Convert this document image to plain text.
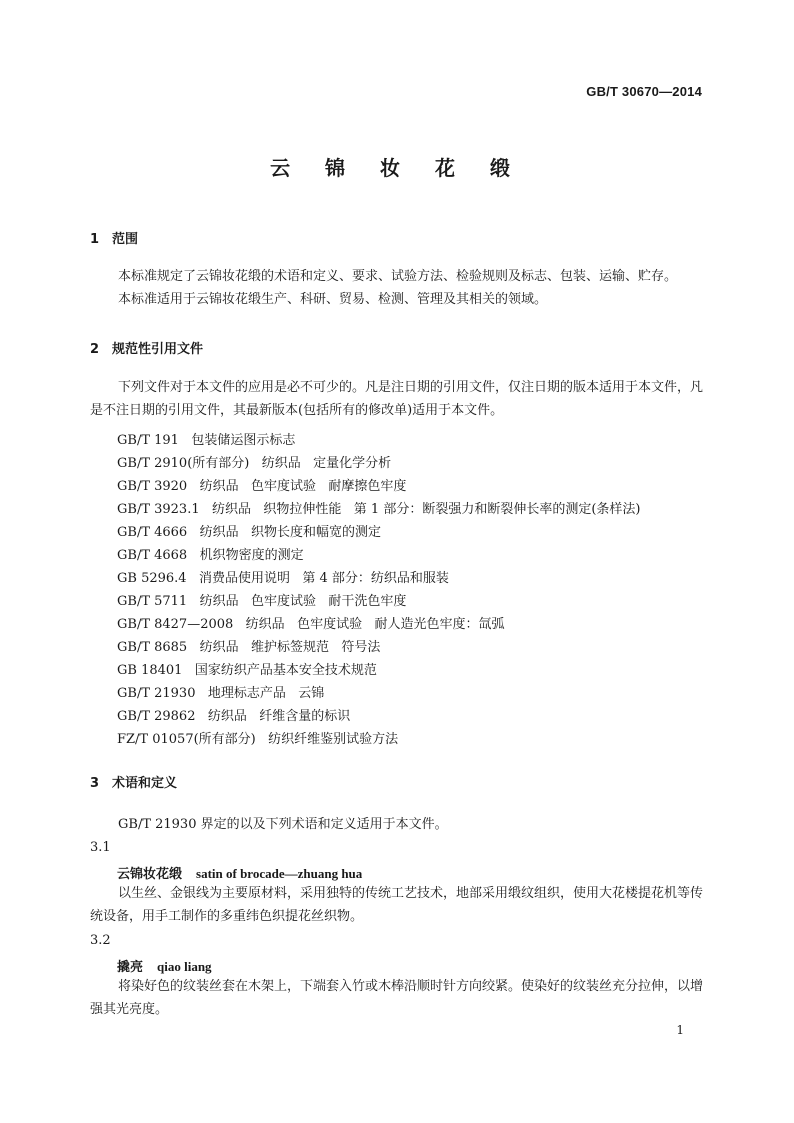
GB/T 30670—2014
云 锦 妆 花 缎
1 范围
本标准规定了云锦妆花缎的术语和定义、要求、试验方法、检验规则及标志、包装、运输、贮存。
本标准适用于云锦妆花缎生产、科研、贸易、检测、管理及其相关的领域。
2 规范性引用文件
下列文件对于本文件的应用是必不可少的。凡是注日期的引用文件，仅注日期的版本适用于本文件，凡是不注日期的引用文件，其最新版本(包括所有的修改单)适用于本文件。
GB/T 191   包装储运图示标志
GB/T 2910(所有部分)   纺织品   定量化学分析
GB/T 3920   纺织品   色牢度试验   耐摩擦色牢度
GB/T 3923.1   纺织品   织物拉伸性能   第 1 部分：断裂强力和断裂伸长率的测定(条样法)
GB/T 4666   纺织品   织物长度和幅宽的测定
GB/T 4668   机织物密度的测定
GB 5296.4   消费品使用说明   第 4 部分：纺织品和服装
GB/T 5711   纺织品   色牢度试验   耐干洗色牢度
GB/T 8427—2008   纺织品   色牢度试验   耐人造光色牢度：氙弧
GB/T 8685   纺织品   维护标签规范   符号法
GB 18401   国家纺织产品基本安全技术规范
GB/T 21930   地理标志产品   云锦
GB/T 29862   纺织品   纤维含量的标识
FZ/T 01057(所有部分)   纺织纤维鉴别试验方法
3 术语和定义
GB/T 21930 界定的以及下列术语和定义适用于本文件。
3.1
云锦妆花缎 satin of brocade—zhuang hua
以生丝、金银线为主要原材料，采用独特的传统工艺技术，地部采用缎纹组织，使用大花楼提花机等传统设备，用手工制作的多重纬色织提花丝织物。
3.2
撬亮 qiao liang
将染好色的纹装丝套在木架上，下端套入竹或木棒沿顺时针方向绞紧。使染好的纹装丝充分拉伸，以增强其光亮度。
1
